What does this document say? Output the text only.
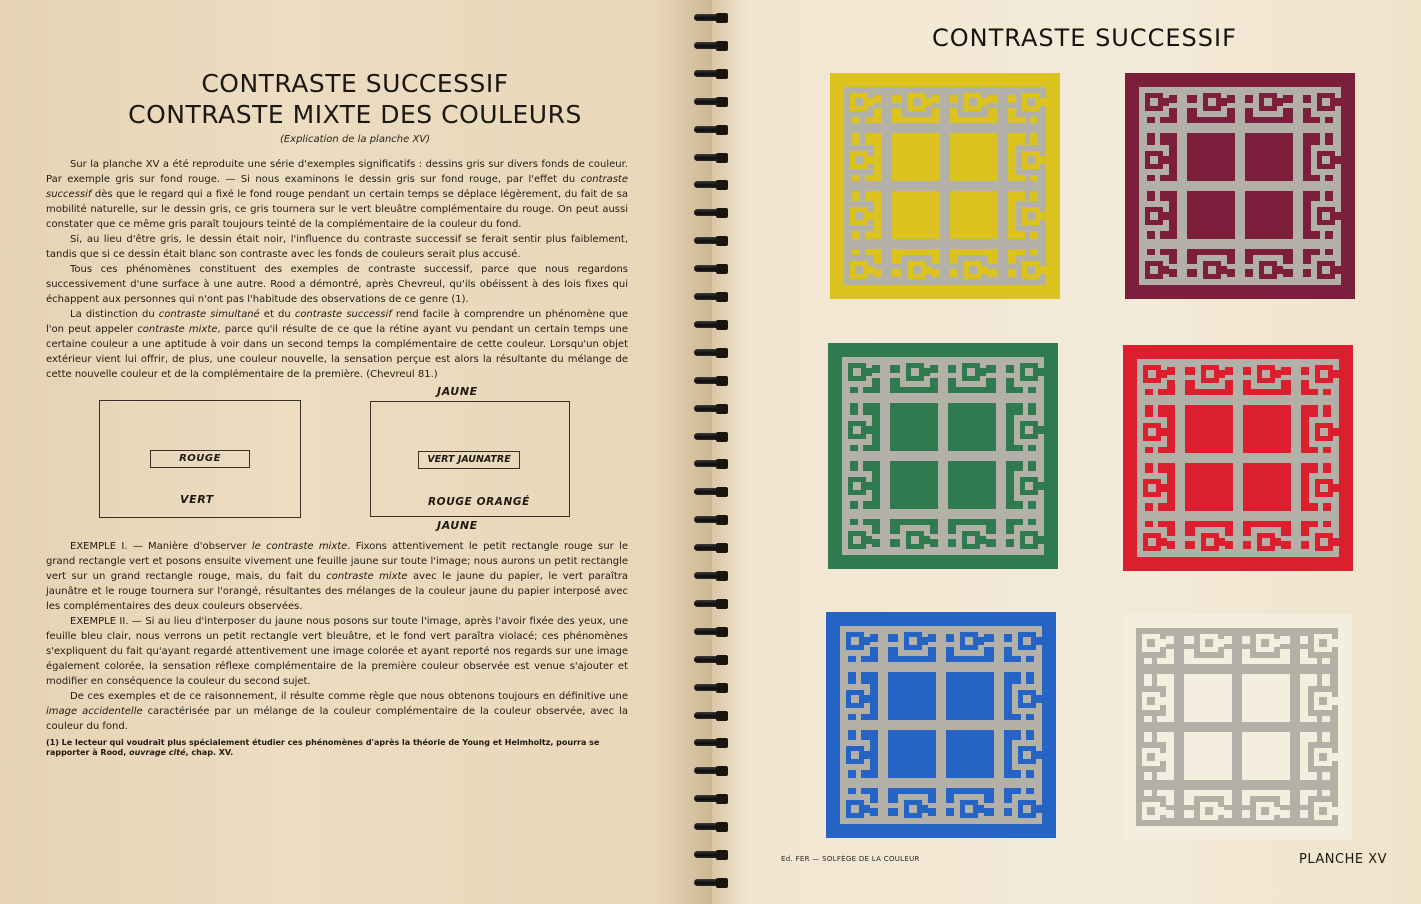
CONTRASTE SUCCESSIF
CONTRASTE MIXTE DES COULEURS
(Explication de la planche XV)

Sur la planche XV a été reproduite une série d'exemples significatifs : dessins gris sur divers fonds de couleur. Par exemple gris sur fond rouge. — Si nous examinons le dessin gris sur fond rouge, par l'effet du contraste successif dès que le regard qui a fixé le fond rouge pendant un certain temps se déplace légèrement, du fait de sa mobilité naturelle, sur le dessin gris, ce gris tournera sur le vert bleuâtre complémentaire du rouge. On peut aussi constater que ce même gris paraît toujours teinté de la complémentaire de la couleur du fond.

Si, au lieu d'être gris, le dessin était noir, l'influence du contraste successif se ferait sentir plus faiblement, tandis que si ce dessin était blanc son contraste avec les fonds de couleurs serait plus accusé.

Tous ces phénomènes constituent des exemples de contraste successif, parce que nous regardons successivement d'une surface à une autre. Rood a démontré, après Chevreul, qu'ils obéissent à des lois fixes qui échappent aux personnes qui n'ont pas l'habitude des observations de ce genre (1).

La distinction du contraste simultané et du contraste successif rend facile à comprendre un phénomène que l'on peut appeler contraste mixte, parce qu'il résulte de ce que la rétine ayant vu pendant un certain temps une certaine couleur a une aptitude à voir dans un second temps la complémentaire de cette couleur. Lorsqu'un objet extérieur vient lui offrir, de plus, une couleur nouvelle, la sensation perçue est alors la résultante du mélange de cette nouvelle couleur et de la complémentaire de la première. (Chevreul 81.)

ROUGE
VERT
JAUNE
VERT JAUNATRE
ROUGE ORANGÉ
JAUNE

EXEMPLE I. — Manière d'observer le contraste mixte. Fixons attentivement le petit rectangle rouge sur le grand rectangle vert et posons ensuite vivement une feuille jaune sur toute l'image; nous aurons un petit rectangle vert sur un grand rectangle rouge, mais, du fait du contraste mixte avec le jaune du papier, le vert paraîtra jaunâtre et le rouge tournera sur l'orangé, résultantes des mélanges de la couleur jaune du papier interposé avec les complémentaires des deux couleurs observées.

EXEMPLE II. — Si au lieu d'interposer du jaune nous posons sur toute l'image, après l'avoir fixée des yeux, une feuille bleu clair, nous verrons un petit rectangle vert bleuâtre, et le fond vert paraîtra violacé; ces phénomènes s'expliquent du fait qu'ayant regardé attentivement une image colorée et ayant reporté nos regards sur une image également colorée, la sensation réflexe complémentaire de la première couleur observée est venue s'ajouter et modifier en conséquence la couleur du second sujet.

De ces exemples et de ce raisonnement, il résulte comme règle que nous obtenons toujours en définitive une image accidentelle caractérisée par un mélange de la couleur complémentaire de la couleur observée, avec la couleur du fond.

(1) Le lecteur qui voudrait plus spécialement étudier ces phénomènes d'après la théorie de Young et Helmholtz, pourra se rapporter à Rood, ouvrage cité, chap. XV.
CONTRASTE SUCCESSIF
Ed. FER — SOLFÈGE DE LA COULEUR	PLANCHE XV
